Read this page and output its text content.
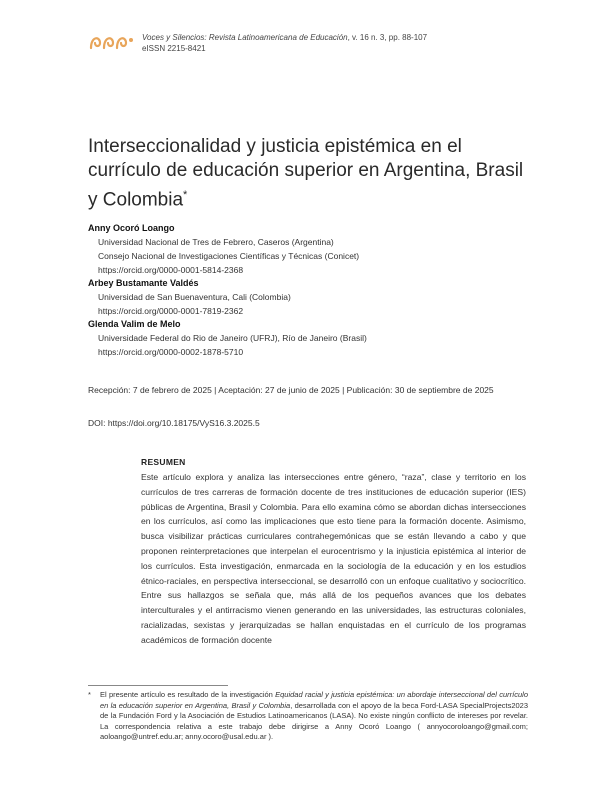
Voces y Silencios: Revista Latinoamericana de Educación, v. 16 n. 3, pp. 88-107
eISSN 2215-8421
Interseccionalidad y justicia epistémica en el currículo de educación superior en Argentina, Brasil y Colombia*
Anny Ocoró Loango
Universidad Nacional de Tres de Febrero, Caseros (Argentina)
Consejo Nacional de Investigaciones Científicas y Técnicas (Conicet)
https://orcid.org/0000-0001-5814-2368
Arbey Bustamante Valdés
Universidad de San Buenaventura, Cali (Colombia)
https://orcid.org/0000-0001-7819-2362
Glenda Valim de Melo
Universidade Federal do Rio de Janeiro (UFRJ), Río de Janeiro (Brasil)
https://orcid.org/0000-0002-1878-5710
Recepción: 7 de febrero de 2025 | Aceptación: 27 de junio de 2025 | Publicación: 30 de septiembre de 2025
DOI: https://doi.org/10.18175/VyS16.3.2025.5
RESUMEN

Este artículo explora y analiza las intersecciones entre género, “raza”, clase y territorio en los currículos de tres carreras de formación docente de tres instituciones de educación superior (IES) públicas de Argentina, Brasil y Colombia. Para ello examina cómo se abordan dichas intersecciones en los currículos, así como las implicaciones que esto tiene para la formación docente. Asimismo, busca visibilizar prácticas curriculares contrahegemónicas que se están llevando a cabo y que proponen reinterpretaciones que interpelan el eurocentrismo y la injusticia epistémica al interior de los currículos. Esta investigación, enmarcada en la sociología de la educación y en los estudios étnico-raciales, en perspectiva interseccional, se desarrolló con un enfoque cualitativo y sociocrítico. Entre sus hallazgos se señala que, más allá de los pequeños avances que los debates interculturales y el antirracismo vienen generando en las universidades, las estructuras coloniales, racializadas, sexistas y jerarquizadas se hallan enquistadas en el currículo de los programas académicos de formación docente

*	El presente artículo es resultado de la investigación Equidad racial y justicia epistémica: un abordaje interseccional del currículo en la educación superior en Argentina, Brasil y Colombia, desarrollada con el apoyo de la beca Ford-LASA SpecialProjects2023 de la Fundación Ford y la Asociación de Estudios Latinoamericanos (LASA). No existe ningún conflicto de intereses por revelar. La correspondencia relativa a este trabajo debe dirigirse a Anny Ocoró Loango ( annyocoroloango@gmail.com; aoloango@untref.edu.ar; anny.ocoro@usal.edu.ar ).
